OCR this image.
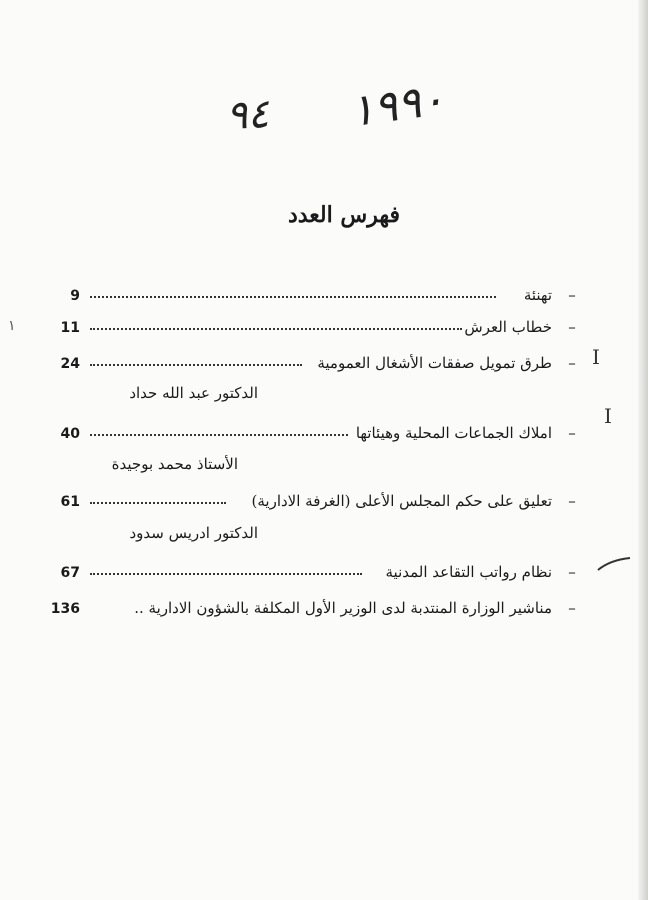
٩٤ ١٩٩٠
فهرس العدد
9	تهنئة –
11	خطاب العرش –
١
24	طرق تمويل صفقات الأشغال العمومية –
الدكتور عبد الله حداد
I
40	املاك الجماعات المحلية وهيئاتها –
الأستاذ محمد بوجيدة
I
61	تعليق على حكم المجلس الأعلى (الغرفة الادارية) –
الدكتور ادريس سدود
67	نظام رواتب التقاعد المدنية –
136	مناشير الوزارة المنتدبة لدى الوزير الأول المكلفة بالشؤون الادارية .. –
